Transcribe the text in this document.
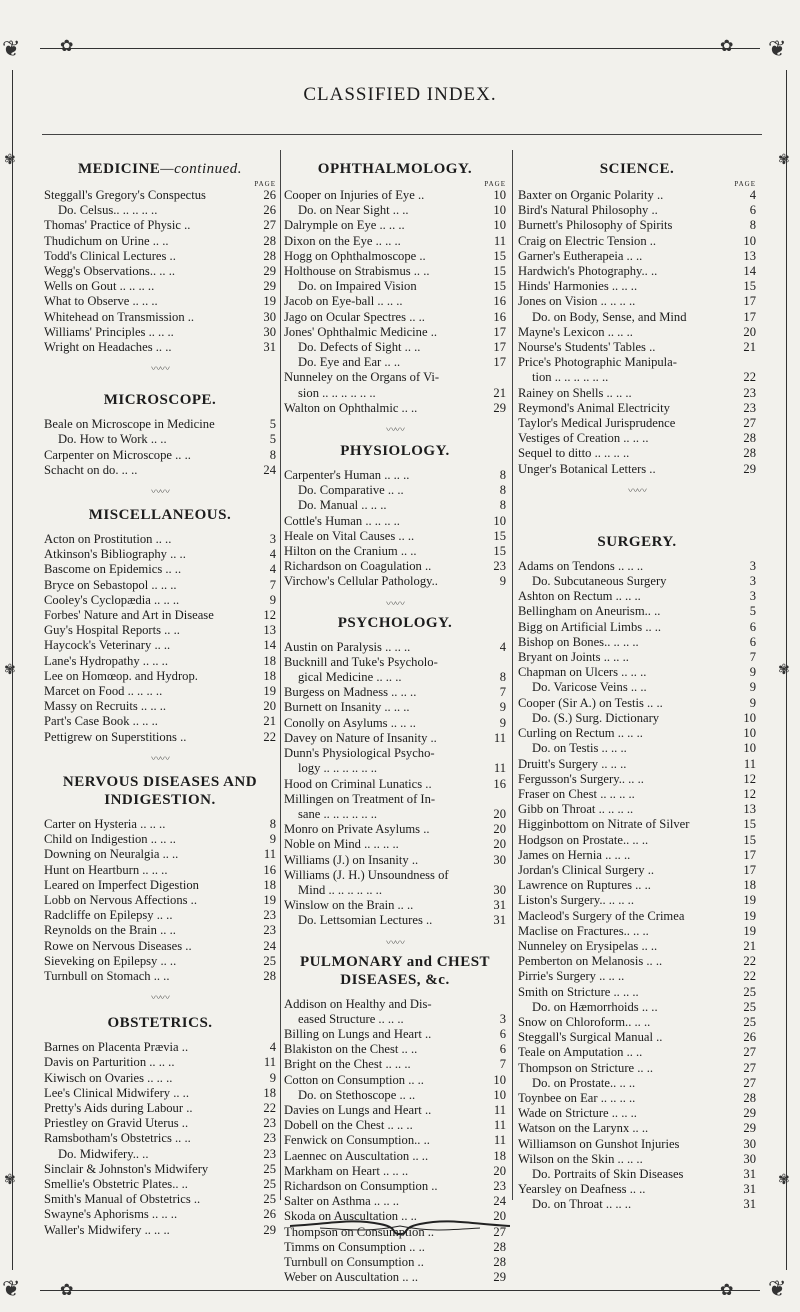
❦	❦
❦	❦
✿	✿
✿	✿
✾
✾
✾
✾
✾
✾
CLASSIFIED INDEX.
MEDICINE—continued.
PAGE
Steggall's Gregory's Conspectus	26
Do. Celsus.. .. .. .. ..	26
Thomas' Practice of Physic ..	27
Thudichum on Urine .. ..	28
Todd's Clinical Lectures ..	28
Wegg's Observations.. .. ..	29
Wells on Gout .. .. .. ..	29
What to Observe .. .. ..	19
Whitehead on Transmission ..	30
Williams' Principles .. .. ..	30
Wright on Headaches .. ..	31
〰〰
MICROSCOPE.
Beale on Microscope in Medicine	5
Do. How to Work .. ..	5
Carpenter on Microscope .. ..	8
Schacht on do. .. ..	24
〰〰
MISCELLANEOUS.
Acton on Prostitution .. ..	3
Atkinson's Bibliography .. ..	4
Bascome on Epidemics .. ..	4
Bryce on Sebastopol .. .. ..	7
Cooley's Cyclopædia .. .. ..	9
Forbes' Nature and Art in Disease	12
Guy's Hospital Reports .. ..	13
Haycock's Veterinary .. ..	14
Lane's Hydropathy .. .. ..	18
Lee on Homœop. and Hydrop.	18
Marcet on Food .. .. .. ..	19
Massy on Recruits .. .. ..	20
Part's Case Book .. .. ..	21
Pettigrew on Superstitions ..	22
〰〰
NERVOUS DISEASES AND INDIGESTION.
Carter on Hysteria .. .. ..	8
Child on Indigestion .. .. ..	9
Downing on Neuralgia .. ..	11
Hunt on Heartburn .. .. ..	16
Leared on Imperfect Digestion	18
Lobb on Nervous Affections ..	19
Radcliffe on Epilepsy .. ..	23
Reynolds on the Brain .. ..	23
Rowe on Nervous Diseases ..	24
Sieveking on Epilepsy .. ..	25
Turnbull on Stomach .. ..	28
〰〰
OBSTETRICS.
Barnes on Placenta Prævia ..	4
Davis on Parturition .. .. ..	11
Kiwisch on Ovaries .. .. ..	9
Lee's Clinical Midwifery .. ..	18
Pretty's Aids during Labour ..	22
Priestley on Gravid Uterus ..	23
Ramsbotham's Obstetrics .. ..	23
Do. Midwifery.. ..	23
Sinclair & Johnston's Midwifery	25
Smellie's Obstetric Plates.. ..	25
Smith's Manual of Obstetrics ..	25
Swayne's Aphorisms .. .. ..	26
Waller's Midwifery .. .. ..	29
OPHTHALMOLOGY.
PAGE
Cooper on Injuries of Eye ..	10
Do. on Near Sight .. ..	10
Dalrymple on Eye .. .. ..	10
Dixon on the Eye .. .. ..	11
Hogg on Ophthalmoscope ..	15
Holthouse on Strabismus .. ..	15
Do. on Impaired Vision	15
Jacob on Eye-ball .. .. ..	16
Jago on Ocular Spectres .. ..	16
Jones' Ophthalmic Medicine ..	17
Do. Defects of Sight .. ..	17
Do. Eye and Ear .. ..	17
Nunneley on the Organs of Vi-
sion .. .. .. .. .. ..	21
Walton on Ophthalmic .. ..	29
〰〰
PHYSIOLOGY.
Carpenter's Human .. .. ..	8
Do. Comparative .. ..	8
Do. Manual .. .. ..	8
Cottle's Human .. .. .. ..	10
Heale on Vital Causes .. ..	15
Hilton on the Cranium .. ..	15
Richardson on Coagulation ..	23
Virchow's Cellular Pathology..	9
〰〰
PSYCHOLOGY.
Austin on Paralysis .. .. ..	4
Bucknill and Tuke's Psycholo-
gical Medicine .. .. ..	8
Burgess on Madness .. .. ..	7
Burnett on Insanity .. .. ..	9
Conolly on Asylums .. .. ..	9
Davey on Nature of Insanity ..	11
Dunn's Physiological Psycho-
logy .. .. .. .. .. ..	11
Hood on Criminal Lunatics ..	16
Millingen on Treatment of In-
sane .. .. .. .. .. ..	20
Monro on Private Asylums ..	20
Noble on Mind .. .. .. ..	20
Williams (J.) on Insanity ..	30
Williams (J. H.) Unsoundness of
Mind .. .. .. .. .. ..	30
Winslow on the Brain .. ..	31
Do. Lettsomian Lectures ..	31
〰〰
PULMONARY and CHEST DISEASES, &c.
Addison on Healthy and Dis-
eased Structure .. .. ..	3
Billing on Lungs and Heart ..	6
Blakiston on the Chest .. ..	6
Bright on the Chest .. .. ..	7
Cotton on Consumption .. ..	10
Do. on Stethoscope .. ..	10
Davies on Lungs and Heart ..	11
Dobell on the Chest .. .. ..	11
Fenwick on Consumption.. ..	11
Laennec on Auscultation .. ..	18
Markham on Heart .. .. ..	20
Richardson on Consumption ..	23
Salter on Asthma .. .. ..	24
Skoda on Auscultation .. ..	20
Thompson on Consumption ..	27
Timms on Consumption .. ..	28
Turnbull on Consumption ..	28
Weber on Auscultation .. ..	29
SCIENCE.
PAGE
Baxter on Organic Polarity ..	4
Bird's Natural Philosophy ..	6
Burnett's Philosophy of Spirits	8
Craig on Electric Tension ..	10
Garner's Eutherapeia .. ..	13
Hardwich's Photography.. ..	14
Hinds' Harmonies .. .. ..	15
Jones on Vision .. .. .. ..	17
Do. on Body, Sense, and Mind	17
Mayne's Lexicon .. .. ..	20
Nourse's Students' Tables ..	21
Price's Photographic Manipula-
tion .. .. .. .. .. ..	22
Rainey on Shells .. .. ..	23
Reymond's Animal Electricity	23
Taylor's Medical Jurisprudence	27
Vestiges of Creation .. .. ..	28
Sequel to ditto .. .. .. ..	28
Unger's Botanical Letters ..	29
〰〰
SURGERY.
Adams on Tendons .. .. ..	3
Do. Subcutaneous Surgery	3
Ashton on Rectum .. .. ..	3
Bellingham on Aneurism.. ..	5
Bigg on Artificial Limbs .. ..	6
Bishop on Bones.. .. .. ..	6
Bryant on Joints .. .. ..	7
Chapman on Ulcers .. .. ..	9
Do. Varicose Veins .. ..	9
Cooper (Sir A.) on Testis .. ..	9
Do. (S.) Surg. Dictionary	10
Curling on Rectum .. .. ..	10
Do. on Testis .. .. ..	10
Druitt's Surgery .. .. ..	11
Fergusson's Surgery.. .. ..	12
Fraser on Chest .. .. .. ..	12
Gibb on Throat .. .. .. ..	13
Higginbottom on Nitrate of Silver	15
Hodgson on Prostate.. .. ..	15
James on Hernia .. .. ..	17
Jordan's Clinical Surgery ..	17
Lawrence on Ruptures .. ..	18
Liston's Surgery.. .. .. ..	19
Macleod's Surgery of the Crimea	19
Maclise on Fractures.. .. ..	19
Nunneley on Erysipelas .. ..	21
Pemberton on Melanosis .. ..	22
Pirrie's Surgery .. .. ..	22
Smith on Stricture .. .. ..	25
Do. on Hæmorrhoids .. ..	25
Snow on Chloroform.. .. ..	25
Steggall's Surgical Manual ..	26
Teale on Amputation .. ..	27
Thompson on Stricture .. ..	27
Do. on Prostate.. .. ..	27
Toynbee on Ear .. .. .. ..	28
Wade on Stricture .. .. ..	29
Watson on the Larynx .. ..	29
Williamson on Gunshot Injuries	30
Wilson on the Skin .. .. ..	30
Do. Portraits of Skin Diseases	31
Yearsley on Deafness .. ..	31
Do. on Throat .. .. ..	31
